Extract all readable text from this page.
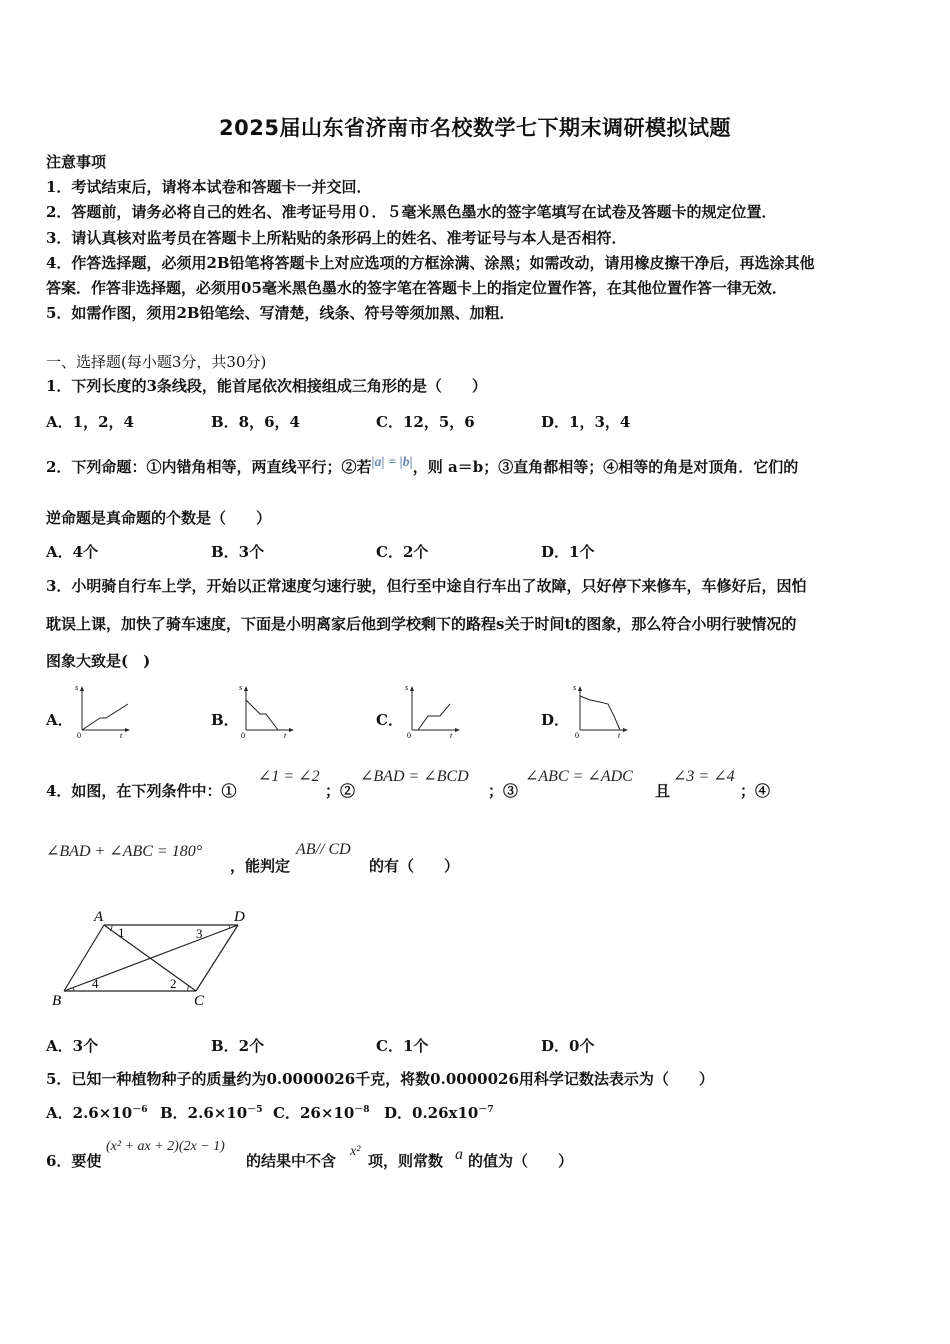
2025届山东省济南市名校数学七下期末调研模拟试题
注意事项
1．考试结束后，请将本试卷和答题卡一并交回．
2．答题前，请务必将自己的姓名、准考证号用０．５毫米黑色墨水的签字笔填写在试卷及答题卡的规定位置．
3．请认真核对监考员在答题卡上所粘贴的条形码上的姓名、准考证号与本人是否相符．
4．作答选择题，必须用2B铅笔将答题卡上对应选项的方框涂满、涂黑；如需改动，请用橡皮擦干净后，再选涂其他
答案．作答非选择题，必须用05毫米黑色墨水的签字笔在答题卡上的指定位置作答，在其他位置作答一律无效．
5．如需作图，须用2B铅笔绘、写清楚，线条、符号等须加黑、加粗．
一、选择题(每小题3分，共30分)
1．下列长度的3条线段，能首尾依次相接组成三角形的是（　　）
A．1，2，4	B．8，6，4	C．12，5，6	D．1，3，4
2．下列命题：①内错角相等，两直线平行；②若|a| = |b|，则 a＝b；③直角都相等；④相等的角是对顶角．它们的
逆命题是真命题的个数是（　　）
A．4个	B．3个	C．2个	D．1个
3．小明骑自行车上学，开始以正常速度匀速行驶，但行至中途自行车出了故障，只好停下来修车，车修好后，因怕
耽误上课，加快了骑车速度，下面是小明离家后他到学校剩下的路程s关于时间t的图象，那么符合小明行驶情况的
图象大致是(　)
A．	B．	C．	D．
s
t
0
s
t
0
s
t
0
s
t
0
4．如图，在下列条件中：①
∠1 = ∠2
；②
∠BAD = ∠BCD
；③
∠ABC = ∠ADC
且
∠3 = ∠4
；④
∠BAD + ∠ABC = 180°
，能判定
AB// CD
的有（　　）
A	D
B	C
1
2
3
4
A．3个	B．2个	C．1个	D．0个
5．已知一种植物种子的质量约为0.0000026千克，将数0.0000026用科学记数法表示为（　　）
A．$2.6\times 10^{-6}$ B．$2.6\times 10^{-5}$ C．$26\times 10^{-8}$ D．$0.26x10^{-7}$
6．要使
(x² + ax + 2)(2x − 1)
的结果中不含
x²
项，则常数 a 的值为（　　）
